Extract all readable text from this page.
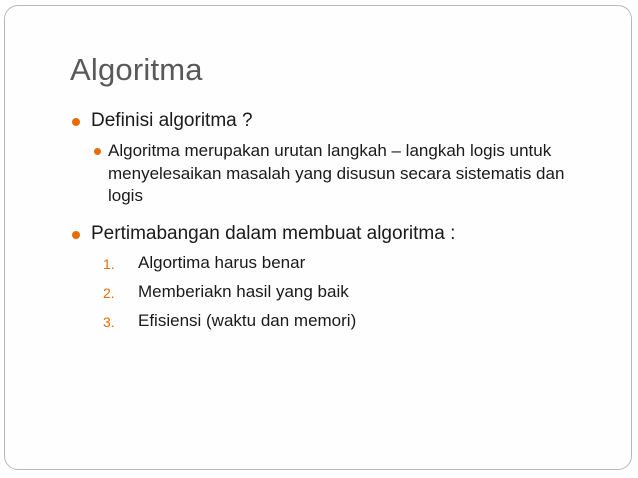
Algoritma
Definisi algoritma ?
Algoritma merupakan urutan langkah – langkah logis untuk menyelesaikan masalah yang disusun secara sistematis dan logis
Pertimabangan dalam membuat algoritma :
1. Algortima harus benar
2. Memberiakn hasil yang baik
3. Efisiensi (waktu dan memori)
